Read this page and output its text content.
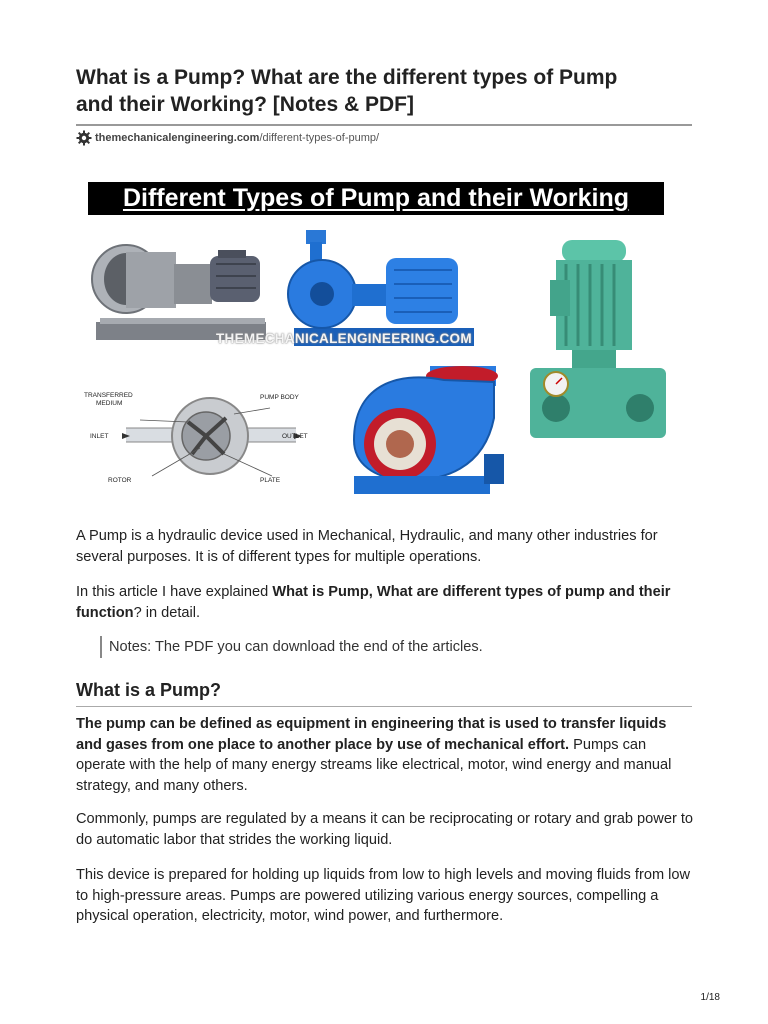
What is a Pump? What are the different types of Pump
and their Working? [Notes & PDF]
themechanicalengineering.com /different-types-of-pump/
Different Types of Pump and their Working
TRANSFERRED
MEDIUM
PUMP BODY
INLET	OUTLET
ROTOR	PLATE
THEMECHANICALENGINEERING.COM

A Pump is a hydraulic device used in Mechanical, Hydraulic, and many other industries for several purposes. It is of different types for multiple operations.

In this article I have explained What is Pump, What are different types of pump and their function? in detail.

Notes: The PDF you can download the end of the articles.
What is a Pump?

The pump can be defined as equipment in engineering that is used to transfer liquids and gases from one place to another place by use of mechanical effort. Pumps can operate with the help of many energy streams like electrical, motor, wind energy and manual strategy, and many others.

Commonly, pumps are regulated by a means it can be reciprocating or rotary and grab power to do automatic labor that strides the working liquid.

This device is prepared for holding up liquids from low to high levels and moving fluids from low to high-pressure areas. Pumps are powered utilizing various energy sources, compelling a physical operation, electricity, motor, wind power, and furthermore.

1/18
